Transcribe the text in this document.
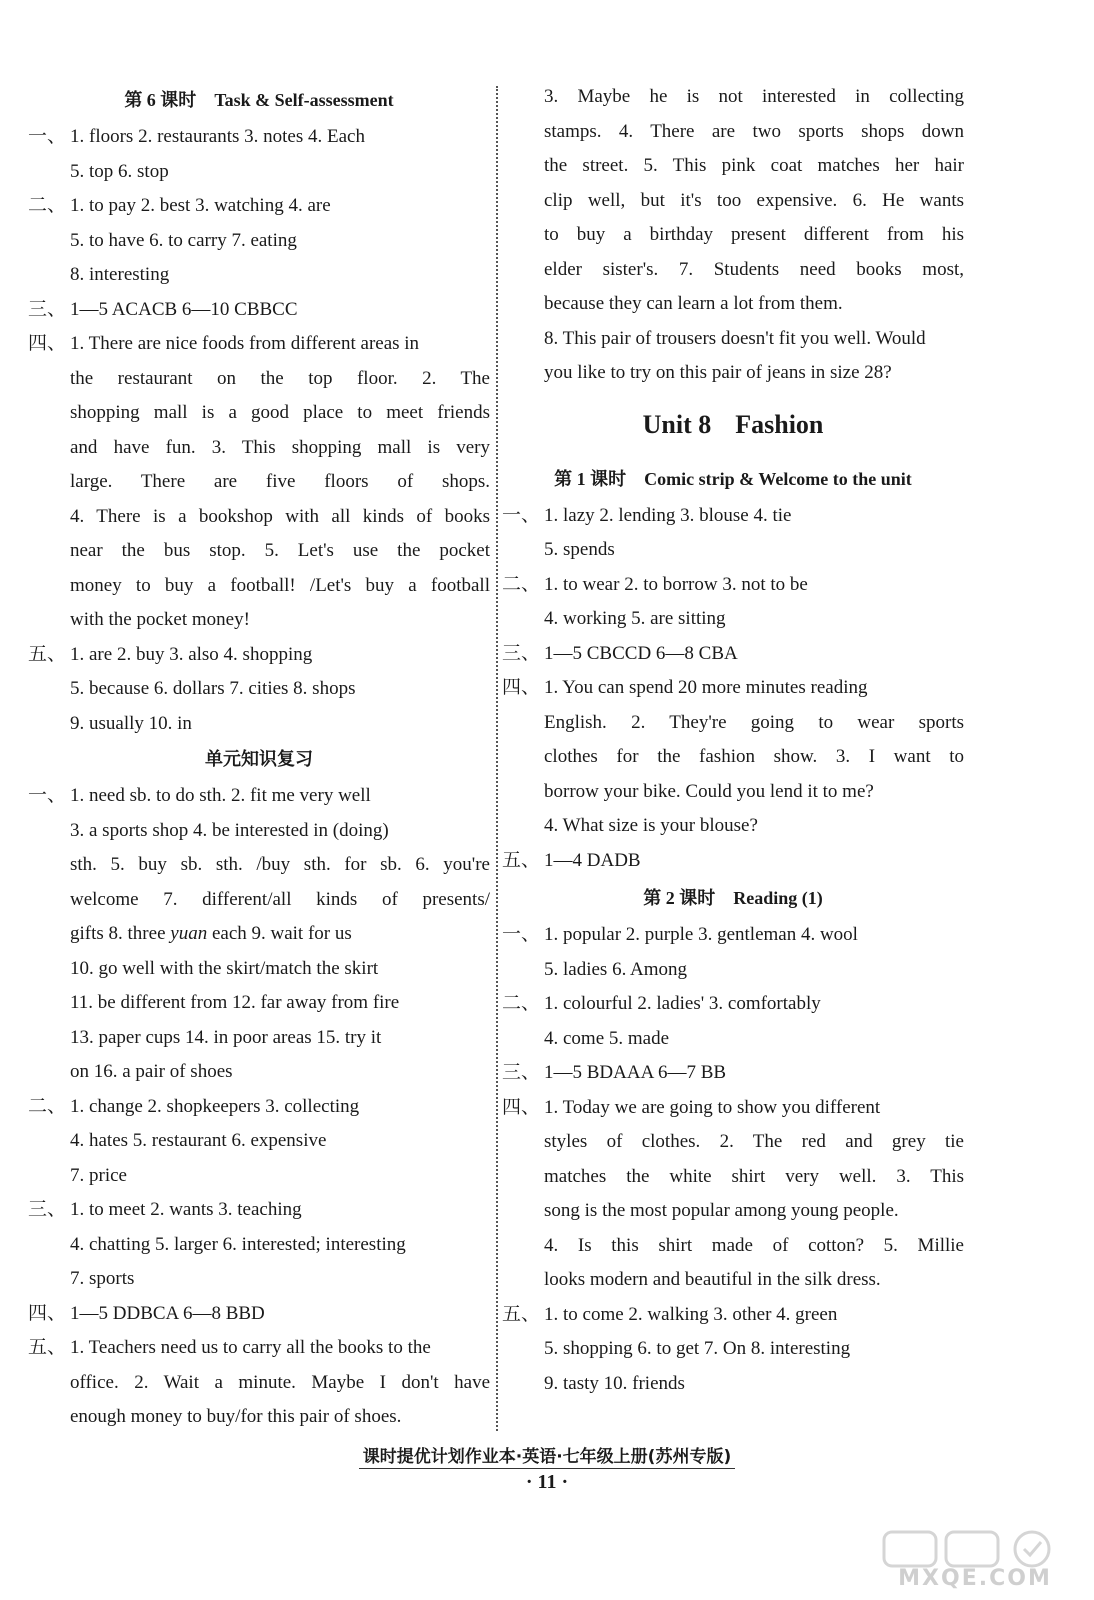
第 6 课时 Task & Self-assessment
一、 1. floors 2. restaurants 3. notes 4. Each
5. top 6. stop
二、 1. to pay 2. best 3. watching 4. are
5. to have 6. to carry 7. eating
8. interesting
三、 1—5 ACACB 6—10 CBBCC
四、 1. There are nice foods from different areas in
the restaurant on the top floor. 2. The
shopping mall is a good place to meet friends
and have fun. 3. This shopping mall is very
large. There are five floors of shops.
4. There is a bookshop with all kinds of books
near the bus stop. 5. Let's use the pocket
money to buy a football! /Let's buy a football
with the pocket money!
五、 1. are 2. buy 3. also 4. shopping
5. because 6. dollars 7. cities 8. shops
9. usually 10. in
单元知识复习
一、 1. need sb. to do sth. 2. fit me very well
3. a sports shop 4. be interested in (doing)
sth. 5. buy sb. sth. /buy sth. for sb. 6. you're
welcome 7. different/all kinds of presents/
gifts 8. three yuan each 9. wait for us
10. go well with the skirt/match the skirt
11. be different from 12. far away from fire
13. paper cups 14. in poor areas 15. try it
on 16. a pair of shoes
二、 1. change 2. shopkeepers 3. collecting
4. hates 5. restaurant 6. expensive
7. price
三、 1. to meet 2. wants 3. teaching
4. chatting 5. larger 6. interested; interesting
7. sports
四、 1—5 DDBCA 6—8 BBD
五、 1. Teachers need us to carry all the books to the
office. 2. Wait a minute. Maybe I don't have
enough money to buy/for this pair of shoes.
3. Maybe he is not interested in collecting
stamps. 4. There are two sports shops down
the street. 5. This pink coat matches her hair
clip well, but it's too expensive. 6. He wants
to buy a birthday present different from his
elder sister's. 7. Students need books most,
because they can learn a lot from them.
8. This pair of trousers doesn't fit you well. Would
you like to try on this pair of jeans in size 28?
Unit 8 Fashion
第 1 课时 Comic strip & Welcome to the unit
一、 1. lazy 2. lending 3. blouse 4. tie
5. spends
二、 1. to wear 2. to borrow 3. not to be
4. working 5. are sitting
三、 1—5 CBCCD 6—8 CBA
四、 1. You can spend 20 more minutes reading
English. 2. They're going to wear sports
clothes for the fashion show. 3. I want to
borrow your bike. Could you lend it to me?
4. What size is your blouse?
五、 1—4 DADB
第 2 课时 Reading (1)
一、 1. popular 2. purple 3. gentleman 4. wool
5. ladies 6. Among
二、 1. colourful 2. ladies' 3. comfortably
4. come 5. made
三、 1—5 BDAAA 6—7 BB
四、 1. Today we are going to show you different
styles of clothes. 2. The red and grey tie
matches the white shirt very well. 3. This
song is the most popular among young people.
4. Is this shirt made of cotton? 5. Millie
looks modern and beautiful in the silk dress.
五、 1. to come 2. walking 3. other 4. green
5. shopping 6. to get 7. On 8. interesting
9. tasty 10. friends
课时提优计划作业本·英语·七年级上册(苏州专版)
· 11 ·
MXQE.COM
